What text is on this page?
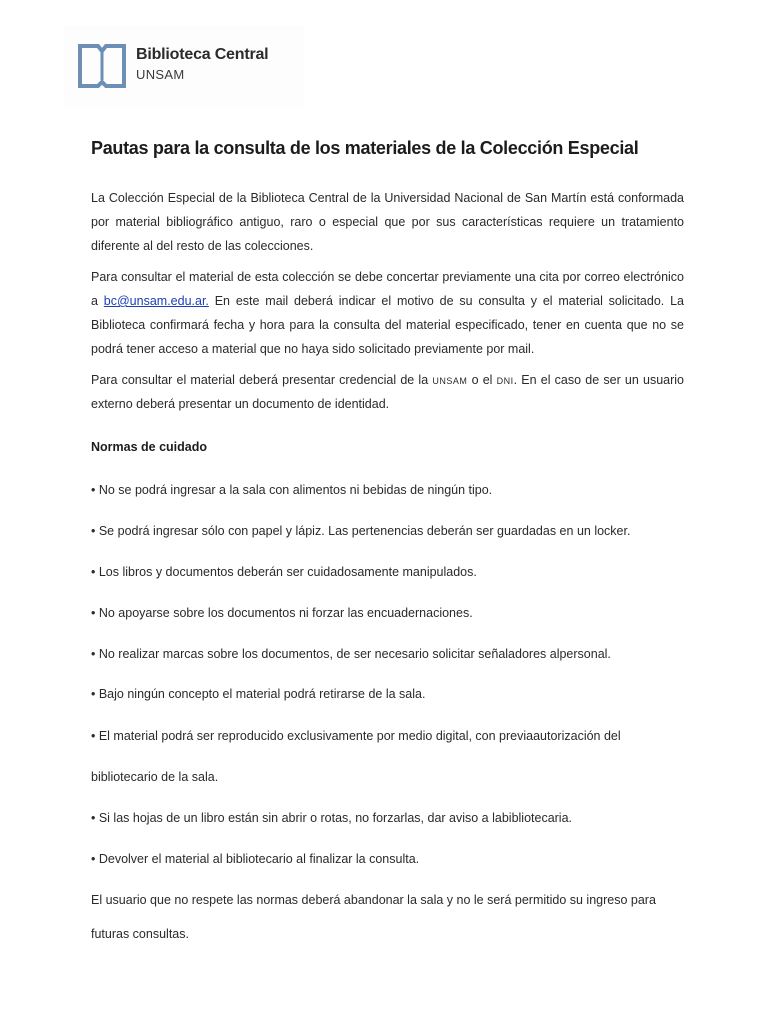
Biblioteca Central
UNSAM
Pautas para la consulta de los materiales de la Colección Especial

La Colección Especial de la Biblioteca Central de la Universidad Nacional de San Martín está conformada por material bibliográfico antiguo, raro o especial que por sus características requiere un tratamiento diferente al del resto de las colecciones.

Para consultar el material de esta colección se debe concertar previamente una cita por correo electrónico a bc@unsam.edu.ar. En este mail deberá indicar el motivo de su consulta y el material solicitado. La Biblioteca confirmará fecha y hora para la consulta del material especificado, tener en cuenta que no se podrá tener acceso a material que no haya sido solicitado previamente por mail.

Para consultar el material deberá presentar credencial de la unsam o el dni. En el caso de ser un usuario externo deberá presentar un documento de identidad.

Normas de cuidado
• No se podrá ingresar a la sala con alimentos ni bebidas de ningún tipo.
• Se podrá ingresar sólo con papel y lápiz. Las pertenencias deberán ser guardadas en un locker.
• Los libros y documentos deberán ser cuidadosamente manipulados.
• No apoyarse sobre los documentos ni forzar las encuadernaciones.
• No realizar marcas sobre los documentos, de ser necesario solicitar señaladores alpersonal.
• Bajo ningún concepto el material podrá retirarse de la sala.
• El material podrá ser reproducido exclusivamente por medio digital, con previaautorización del
bibliotecario de la sala.
• Si las hojas de un libro están sin abrir o rotas, no forzarlas, dar aviso a labibliotecaria.
• Devolver el material al bibliotecario al finalizar la consulta.
El usuario que no respete las normas deberá abandonar la sala y no le será permitido su ingreso para
futuras consultas.
